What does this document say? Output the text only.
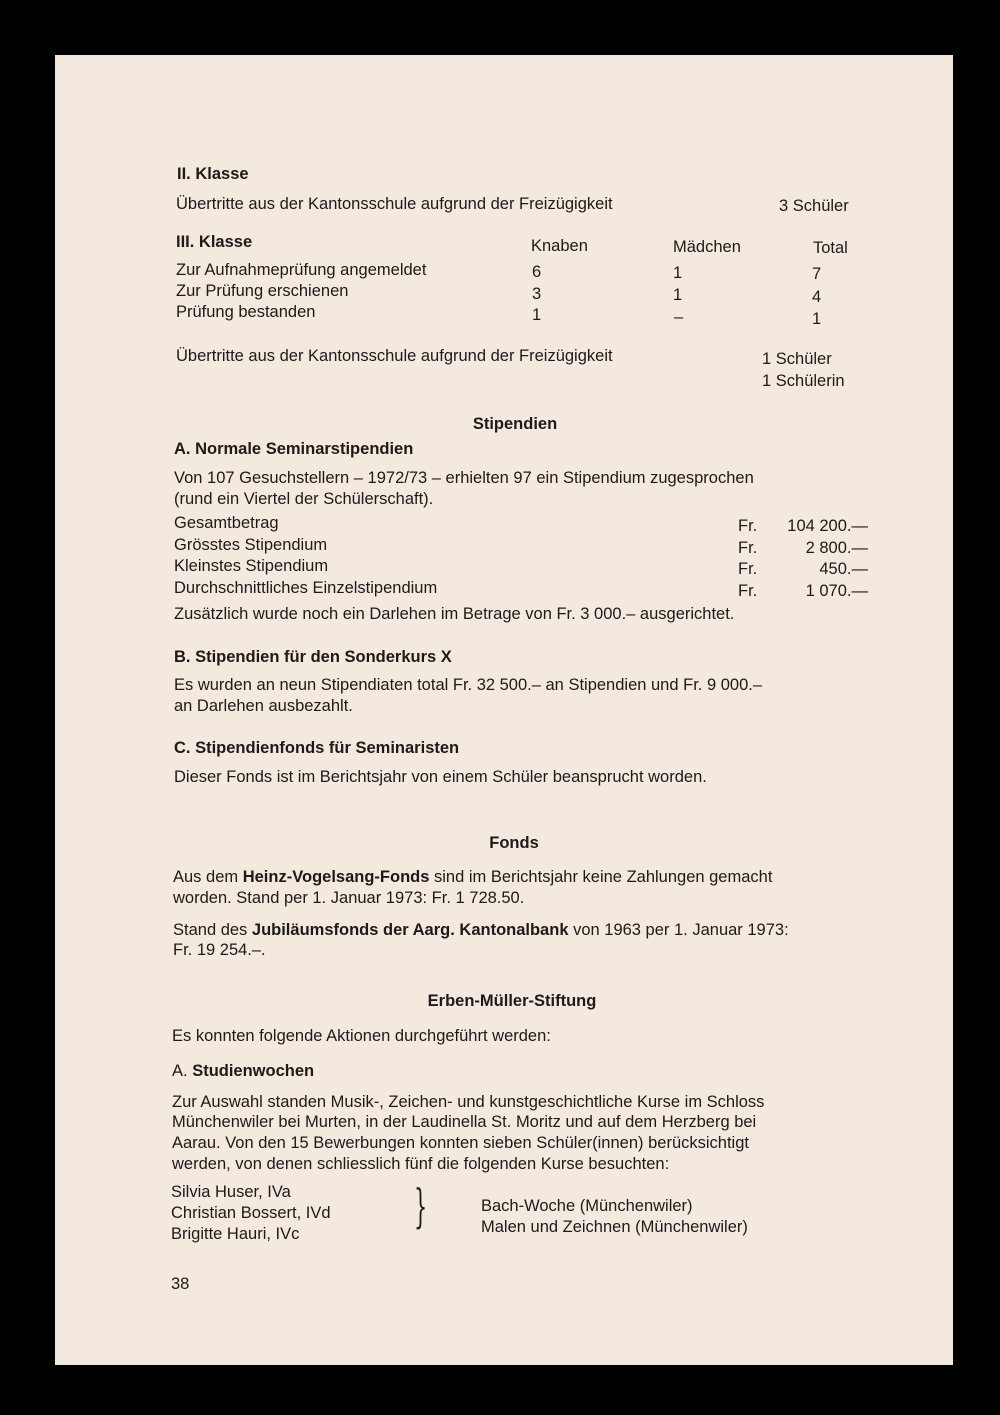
II. Klasse
Übertritte aus der Kantonsschule aufgrund der Freizügigkeit	3 Schüler
III. Klasse	Knaben	Mädchen	Total
Zur Aufnahmeprüfung angemeldet	6	1	7
Zur Prüfung erschienen	3	1	4
Prüfung bestanden	1	–	1
Übertritte aus der Kantonsschule aufgrund der Freizügigkeit	1 Schüler
1 Schülerin
Stipendien
A. Normale Seminarstipendien
Von 107 Gesuchstellern – 1972/73 – erhielten 97 ein Stipendium zugesprochen
(rund ein Viertel der Schülerschaft).
Gesamtbetrag	Fr.	104 200.—
Grösstes Stipendium	Fr.	2 800.—
Kleinstes Stipendium	Fr.	450.—
Durchschnittliches Einzelstipendium	Fr.	1 070.—
Zusätzlich wurde noch ein Darlehen im Betrage von Fr. 3 000.– ausgerichtet.
B. Stipendien für den Sonderkurs X
Es wurden an neun Stipendiaten total Fr. 32 500.– an Stipendien und Fr. 9 000.–
an Darlehen ausbezahlt.
C. Stipendienfonds für Seminaristen
Dieser Fonds ist im Berichtsjahr von einem Schüler beansprucht worden.
Fonds
Aus dem Heinz-Vogelsang-Fonds sind im Berichtsjahr keine Zahlungen gemacht
worden. Stand per 1. Januar 1973: Fr. 1 728.50.
Stand des Jubiläumsfonds der Aarg. Kantonalbank von 1963 per 1. Januar 1973:
Fr. 19 254.–.
Erben-Müller-Stiftung
Es konnten folgende Aktionen durchgeführt werden:
A. Studienwochen
Zur Auswahl standen Musik-, Zeichen- und kunstgeschichtliche Kurse im Schloss
Münchenwiler bei Murten, in der Laudinella St. Moritz und auf dem Herzberg bei
Aarau. Von den 15 Bewerbungen konnten sieben Schüler(innen) berücksichtigt
werden, von denen schliesslich fünf die folgenden Kurse besuchten:
Silvia Huser, IVa
Christian Bossert, IVd
Brigitte Hauri, IVc
}	Bach-Woche (Münchenwiler)
Malen und Zeichnen (Münchenwiler)
38
